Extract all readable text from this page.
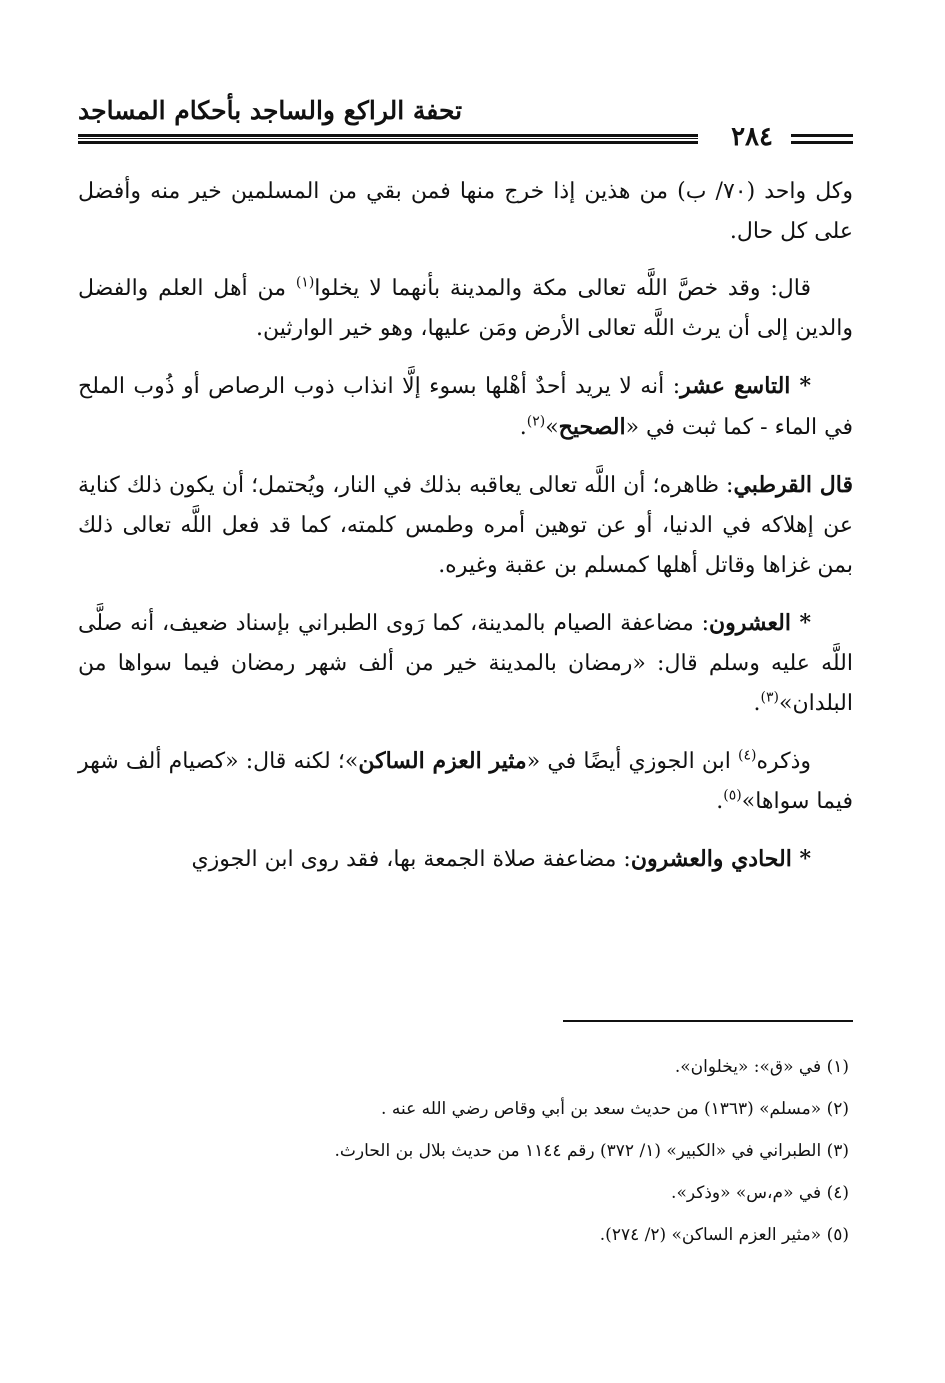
تحفة الراكع والساجد بأحكام المساجد
٢٨٤

وكل واحد (٧٠/ ب) من هذين إذا خرج منها فمن بقي من المسلمين خير منه وأفضل على كل حال.

قال: وقد خصَّ اللَّه تعالى مكة والمدينة بأنهما لا يخلوا$^{(١)}$ من أهل العلم والفضل والدين إلى أن يرث اللَّه تعالى الأرض ومَن عليها، وهو خير الوارثين.

* التاسع عشر: أنه لا يريد أحدٌ أهْلها بسوء إلَّا انذاب ذوب الرصاص أو ذُوب الملح في الماء - كما ثبت في «الصحيح»$^{(٢)}$.

قال القرطبي: ظاهره؛ أن اللَّه تعالى يعاقبه بذلك في النار، ويُحتمل؛ أن يكون ذلك كناية عن إهلاكه في الدنيا، أو عن توهين أمره وطمس كلمته، كما قد فعل اللَّه تعالى ذلك بمن غزاها وقاتل أهلها كمسلم بن عقبة وغيره.

* العشرون: مضاعفة الصيام بالمدينة، كما رَوى الطبراني بإسناد ضعيف، أنه صلَّى اللَّه عليه وسلم قال: «رمضان بالمدينة خير من ألف شهر رمضان فيما سواها من البلدان»$^{(٣)}$.

وذكره$^{(٤)}$ ابن الجوزي أيضًا في «مثير العزم الساكن»؛ لكنه قال: «كصيام ألف شهر فيما سواها»$^{(٥)}$.

* الحادي والعشرون: مضاعفة صلاة الجمعة بها، فقد روى ابن الجوزي

(١) في «ق»: «يخلوان».

(٢) «مسلم» (١٣٦٣) من حديث سعد بن أبي وقاص رضي الله عنه .

(٣) الطبراني في «الكبير» (١/ ٣٧٢) رقم ١١٤٤ من حديث بلال بن الحارث.

(٤) في «م،س» «وذكر».

(٥) «مثير العزم الساكن» (٢/ ٢٧٤).
